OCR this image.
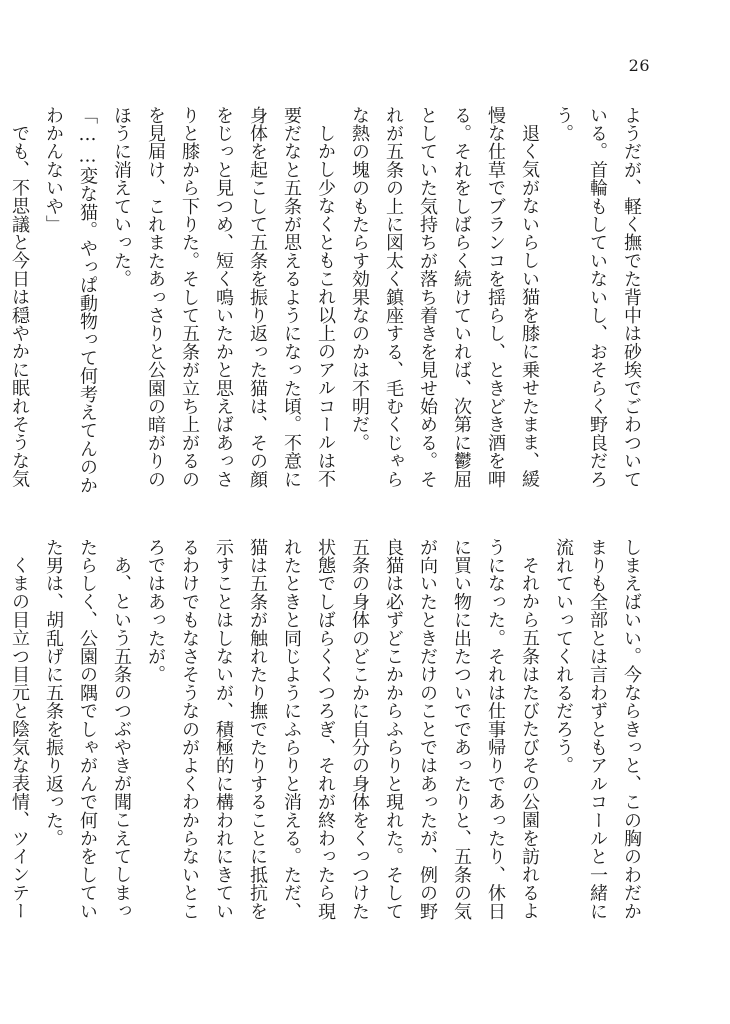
26

ようだが、軽く撫でた背中は砂埃でごわついている。首輪もしていないし、おそらく野良だろう。

退く気がないらしい猫を膝に乗せたまま、緩慢な仕草でブランコを揺らし、ときどき酒を呷る。それをしばらく続けていれば、次第に鬱屈としていた気持ちが落ち着きを見せ始める。それが五条の上に図太く鎮座する、毛むくじゃらな熱の塊のもたらす効果なのかは不明だ。

しかし少なくともこれ以上のアルコールは不要だなと五条が思えるようになった頃。不意に身体を起こして五条を振り返った猫は、その顔をじっと見つめ、短く鳴いたかと思えばあっさりと膝から下りた。そして五条が立ち上がるのを見届け、これまたあっさりと公園の暗がりのほうに消えていった。

「……変な猫。やっぱ動物って何考えてんのかわかんないや」

でも、不思議と今日は穏やかに眠れそうな気

しまえばいい。今ならきっと、この胸のわだかまりも全部とは言わずともアルコールと一緒に流れていってくれるだろう。

それから五条はたびたびその公園を訪れるようになった。それは仕事帰りであったり、休日に買い物に出たついでであったりと、五条の気が向いたときだけのことではあったが、例の野良猫は必ずどこかからふらりと現れた。そして五条の身体のどこかに自分の身体をくっつけた状態でしばらくくつろぎ、それが終わったら現れたときと同じようにふらりと消える。ただ、猫は五条が触れたり撫でたりすることに抵抗を示すことはしないが、積極的に構われにきているわけでもなさそうなのがよくわからないところではあったが。

あ、という五条のつぶやきが聞こえてしまったらしく、公園の隅でしゃがんで何かをしていた男は、胡乱げに五条を振り返った。

くまの目立つ目元と陰気な表情、ツインテー
